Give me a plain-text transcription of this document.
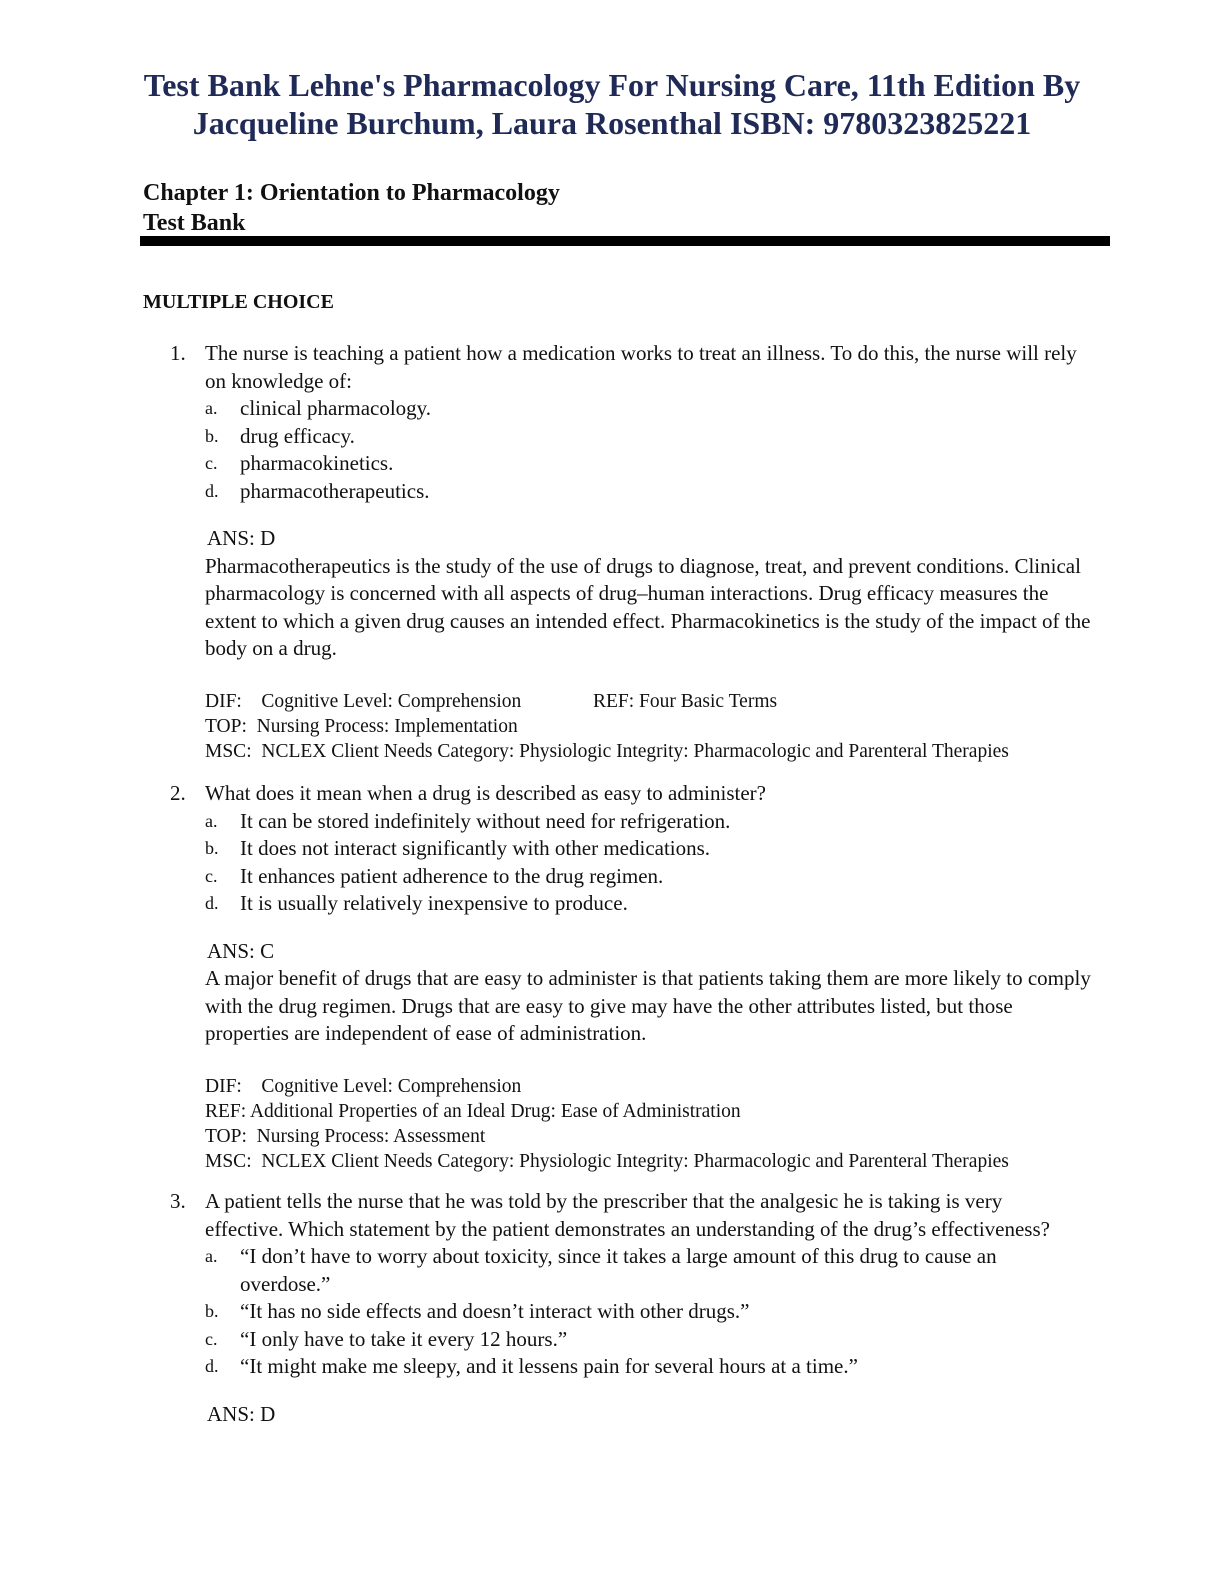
Test Bank Lehne's Pharmacology For Nursing Care, 11th Edition By
Jacqueline Burchum, Laura Rosenthal ISBN: 9780323825221
Chapter 1: Orientation to Pharmacology
Test Bank
MULTIPLE CHOICE
1. The nurse is teaching a patient how a medication works to treat an illness. To do this, the nurse will rely on knowledge of:
a. clinical pharmacology.
b. drug efficacy.
c. pharmacokinetics.
d. pharmacotherapeutics.
ANS: D
Pharmacotherapeutics is the study of the use of drugs to diagnose, treat, and prevent conditions. Clinical pharmacology is concerned with all aspects of drug–human interactions. Drug efficacy measures the extent to which a given drug causes an intended effect. Pharmacokinetics is the study of the impact of the body on a drug.
DIF:    Cognitive Level: Comprehension	REF: Four Basic Terms
TOP:  Nursing Process: Implementation
MSC:  NCLEX Client Needs Category: Physiologic Integrity: Pharmacologic and Parenteral Therapies
2. What does it mean when a drug is described as easy to administer?
a. It can be stored indefinitely without need for refrigeration.
b. It does not interact significantly with other medications.
c. It enhances patient adherence to the drug regimen.
d. It is usually relatively inexpensive to produce.
ANS: C
A major benefit of drugs that are easy to administer is that patients taking them are more likely to comply with the drug regimen. Drugs that are easy to give may have the other attributes listed, but those properties are independent of ease of administration.
DIF:    Cognitive Level: Comprehension
REF: Additional Properties of an Ideal Drug: Ease of Administration
TOP:  Nursing Process: Assessment
MSC:  NCLEX Client Needs Category: Physiologic Integrity: Pharmacologic and Parenteral Therapies
3. A patient tells the nurse that he was told by the prescriber that the analgesic he is taking is very effective. Which statement by the patient demonstrates an understanding of the drug’s effectiveness?
a. “I don’t have to worry about toxicity, since it takes a large amount of this drug to cause an overdose.”
b. “It has no side effects and doesn’t interact with other drugs.”
c. “I only have to take it every 12 hours.”
d. “It might make me sleepy, and it lessens pain for several hours at a time.”
ANS: D
